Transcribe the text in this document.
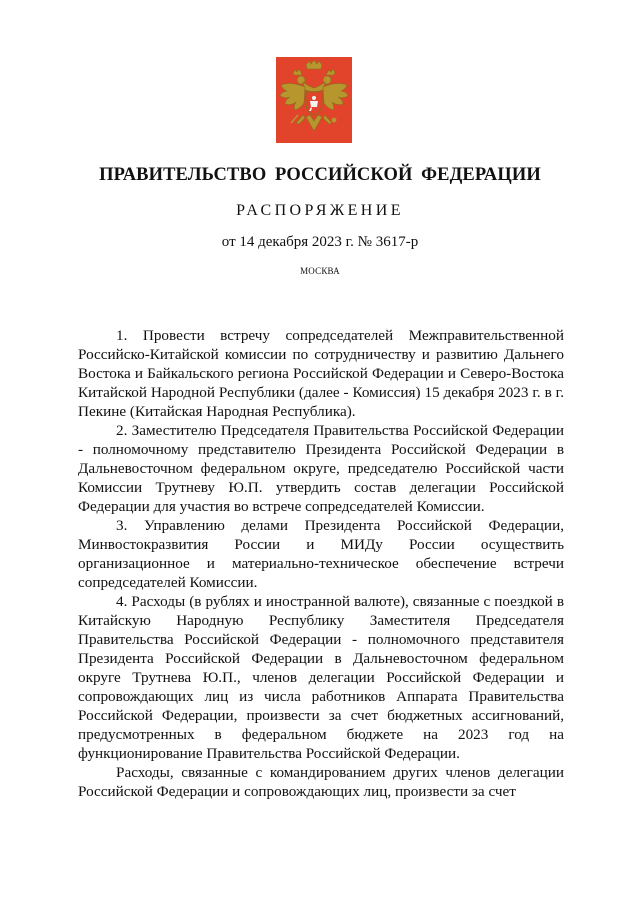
ПРАВИТЕЛЬСТВО РОССИЙСКОЙ ФЕДЕРАЦИИ
РАСПОРЯЖЕНИЕ
от 14 декабря 2023 г. № 3617-р
МОСКВА

1. Провести встречу сопредседателей Межправительственной Российско-Китайской комиссии по сотрудничеству и развитию Дальнего Востока и Байкальского региона Российской Федерации и Северо-Востока Китайской Народной Республики (далее - Комиссия) 15 декабря 2023 г. в г. Пекине (Китайская Народная Республика).

2. Заместителю Председателя Правительства Российской Федерации - полномочному представителю Президента Российской Федерации в Дальневосточном федеральном округе, председателю Российской части Комиссии Трутневу Ю.П. утвердить состав делегации Российской Федерации для участия во встрече сопредседателей Комиссии.

3. Управлению делами Президента Российской Федерации, Минвостокразвития России и МИДу России осуществить организационное и материально-техническое обеспечение встречи сопредседателей Комиссии.

4. Расходы (в рублях и иностранной валюте), связанные с поездкой в Китайскую Народную Республику Заместителя Председателя Правительства Российской Федерации - полномочного представителя Президента Российской Федерации в Дальневосточном федеральном округе Трутнева Ю.П., членов делегации Российской Федерации и сопровождающих лиц из числа работников Аппарата Правительства Российской Федерации, произвести за счет бюджетных ассигнований, предусмотренных в федеральном бюджете на 2023 год на функционирование Правительства Российской Федерации.

Расходы, связанные с командированием других членов делегации Российской Федерации и сопровождающих лиц, произвести за счет
